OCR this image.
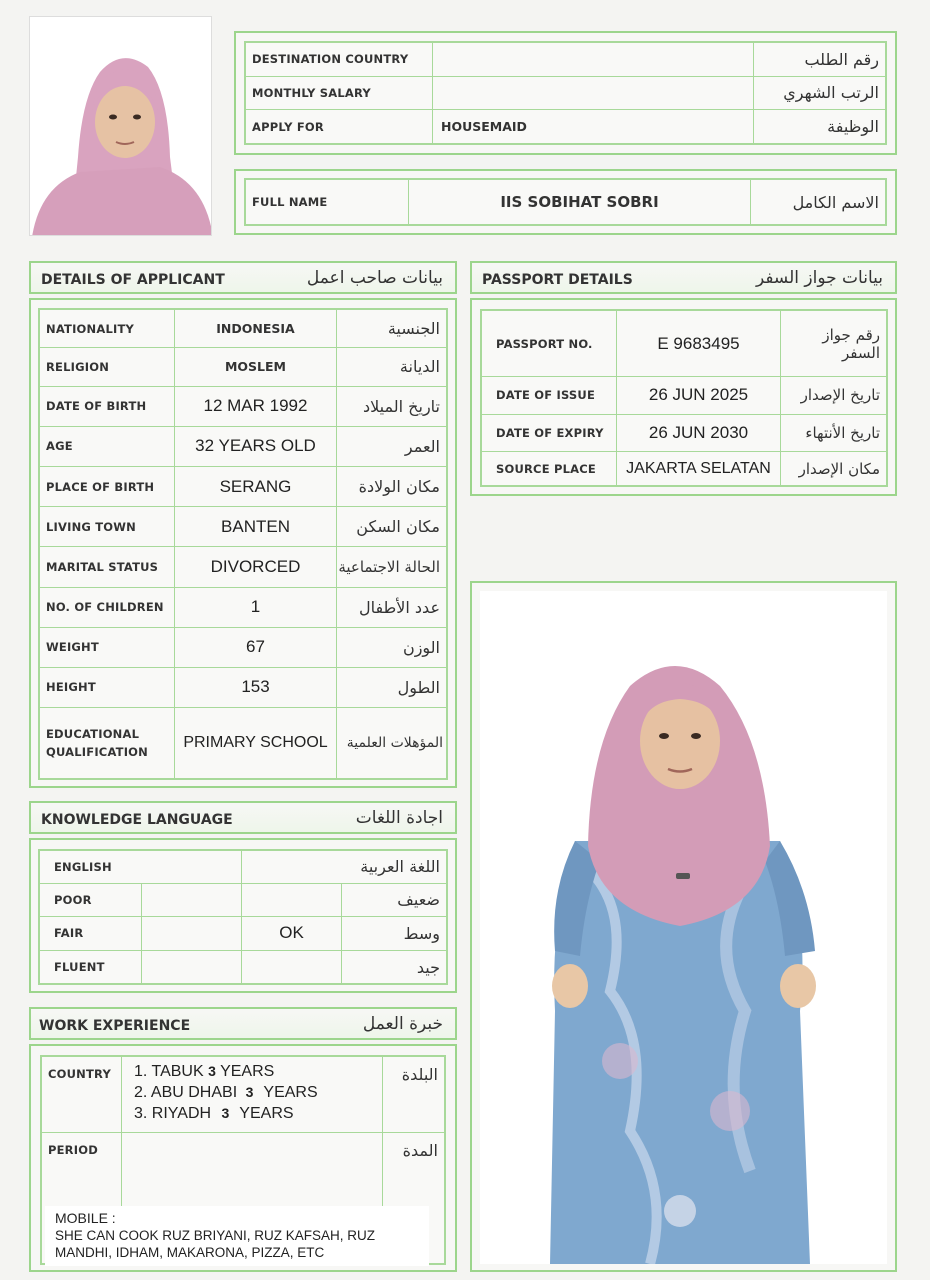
DESTINATION COUNTRY		رقم الطلب
MONTHLY SALARY		الرتب الشهري
APPLY FOR	HOUSEMAID	الوظيفة
FULL NAME	IIS SOBIHAT SOBRI	الاسم الكامل
DETAILS OF APPLICANT	بيانات صاحب اعمل
NATIONALITY	INDONESIA	الجنسية
RELIGION	MOSLEM	الديانة
DATE OF BIRTH	12 MAR 1992	تاريخ الميلاد
AGE	32 YEARS OLD	العمر
PLACE OF BIRTH	SERANG	مكان الولادة
LIVING TOWN	BANTEN	مكان السكن
MARITAL STATUS	DIVORCED	الحالة الاجتماعية
NO. OF CHILDREN	1	عدد الأطفال
WEIGHT	67	الوزن
HEIGHT	153	الطول

EDUCATIONAL
QUALIFICATION	PRIMARY SCHOOL	المؤهلات العلمية
PASSPORT DETAILS	بيانات جواز السفر
PASSPORT NO.	E 9683495	رقم جواز السفر
DATE OF ISSUE	26 JUN 2025	تاريخ الإصدار
DATE OF EXPIRY	26 JUN 2030	تاريخ الأنتهاء
SOURCE PLACE	JAKARTA SELATAN	مكان الإصدار
KNOWLEDGE LANGUAGE	اجادة اللغات
ENGLISH		اللغة العربية	
POOR			ضعيف
FAIR		OK	وسط
FLUENT			جيد
WORK EXPERIENCE	خبرة العمل
COUNTRY	1. TABUK 3 YEARS
2. ABU DHABI 3 YEARS
3. RIYADH 3 YEARS	البلدة
PERIOD		المدة
MOBILE :
SHE CAN COOK RUZ BRIYANI, RUZ KAFSAH, RUZ MANDHI, IDHAM, MAKARONA, PIZZA, ETC
